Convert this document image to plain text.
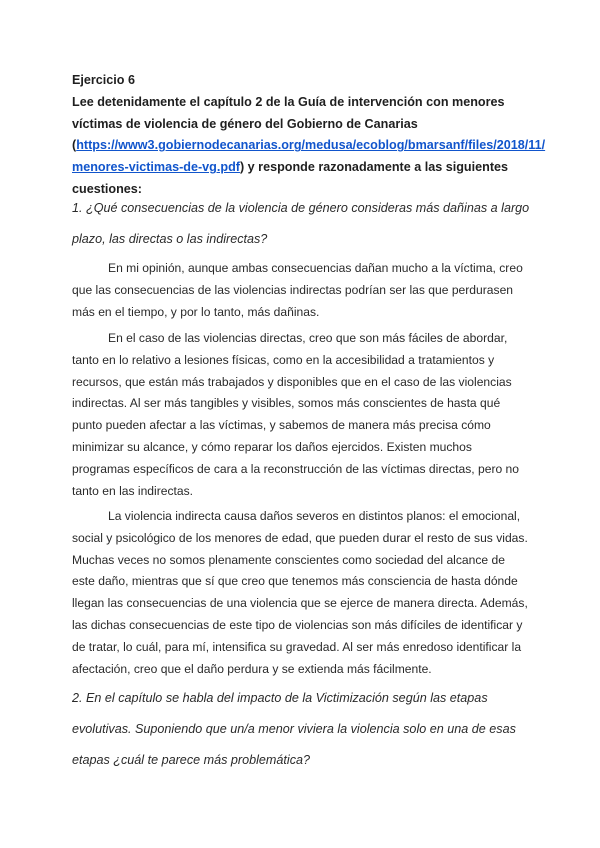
Ejercicio 6
Lee detenidamente el capítulo 2 de la Guía de intervención con menores
víctimas de violencia de género del Gobierno de Canarias
(https://www3.gobiernodecanarias.org/medusa/ecoblog/bmarsanf/files/2018/11/
menores-victimas-de-vg.pdf) y responde razonadamente a las siguientes cuestiones:
1. ¿Qué consecuencias de la violencia de género consideras más dañinas a largo plazo, las directas o las indirectas?
En mi opinión, aunque ambas consecuencias dañan mucho a la víctima, creo que las consecuencias de las violencias indirectas podrían ser las que perdurasen más en el tiempo, y por lo tanto, más dañinas.
En el caso de las violencias directas, creo que son más fáciles de abordar, tanto en lo relativo a lesiones físicas, como en la accesibilidad a tratamientos y recursos, que están más trabajados y disponibles que en el caso de las violencias indirectas. Al ser más tangibles y visibles, somos más conscientes de hasta qué punto pueden afectar a las víctimas, y sabemos de manera más precisa cómo minimizar su alcance, y cómo reparar los daños ejercidos. Existen muchos programas específicos de cara a la reconstrucción de las víctimas directas, pero no tanto en las indirectas.
La violencia indirecta causa daños severos en distintos planos: el emocional, social y psicológico de los menores de edad, que pueden durar el resto de sus vidas. Muchas veces no somos plenamente conscientes como sociedad del alcance de este daño, mientras que sí que creo que tenemos más consciencia de hasta dónde llegan las consecuencias de una violencia que se ejerce de manera directa. Además, las dichas consecuencias de este tipo de violencias son más difíciles de identificar y de tratar, lo cuál, para mí, intensifica su gravedad. Al ser más enredoso identificar la afectación, creo que el daño perdura y se extienda más fácilmente.
2. En el capítulo se habla del impacto de la Victimización según las etapas evolutivas. Suponiendo que un/a menor viviera la violencia solo en una de esas etapas ¿cuál te parece más problemática?
